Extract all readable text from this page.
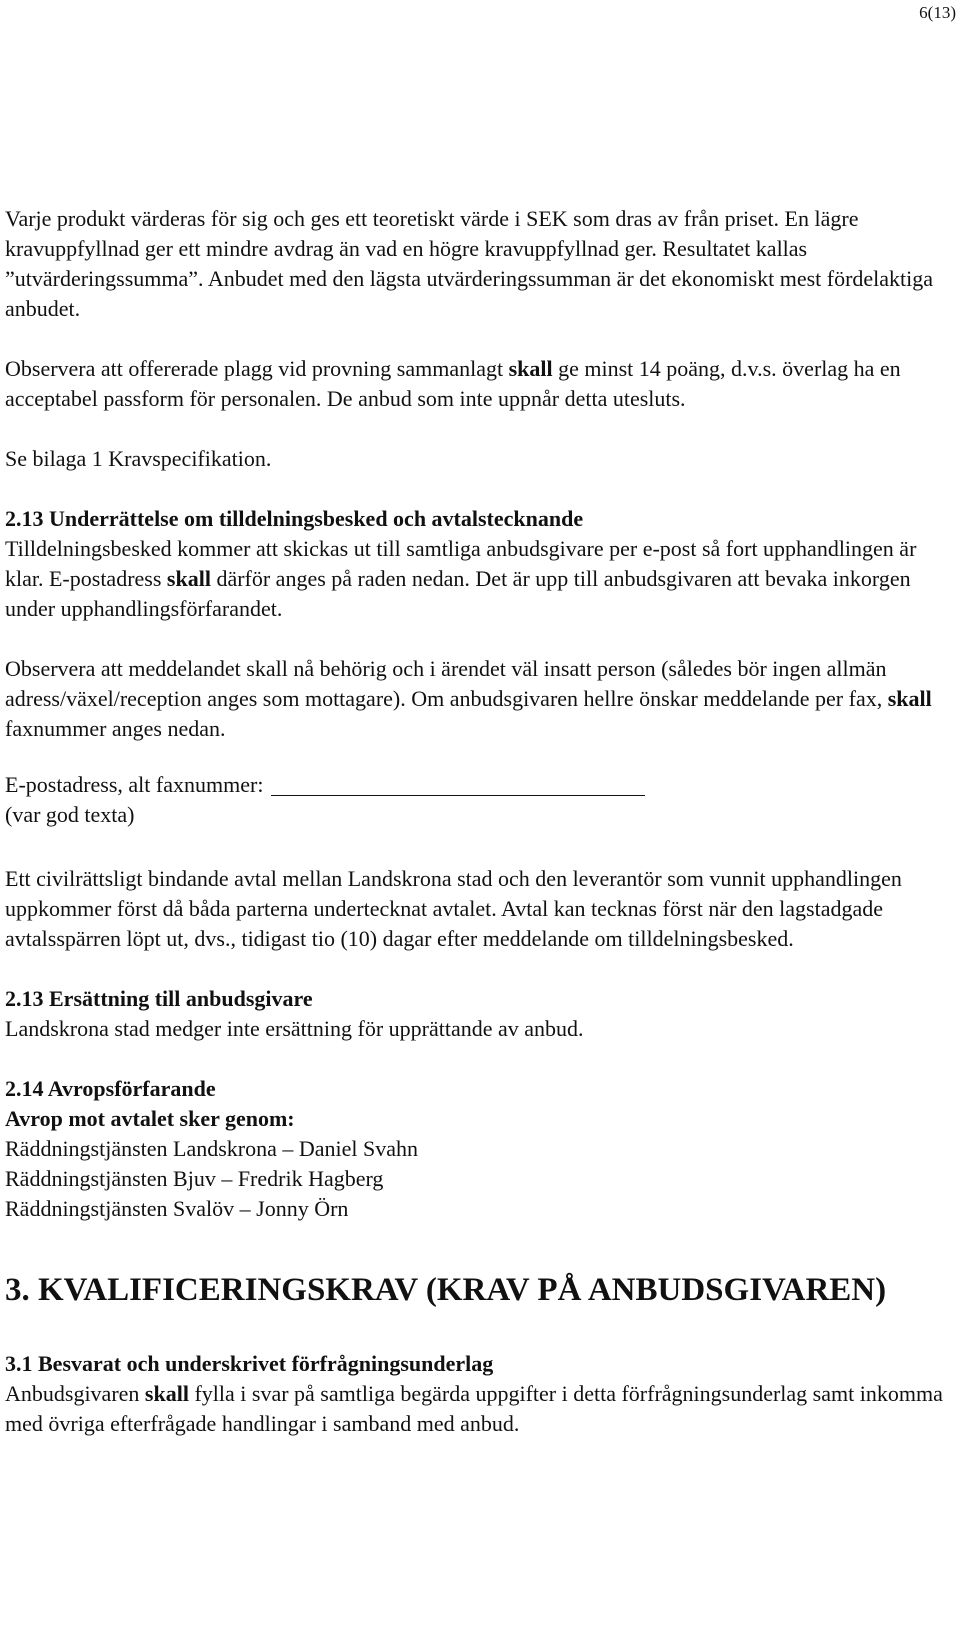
6(13)

Varje produkt värderas för sig och ges ett teoretiskt värde i SEK som dras av från priset. En lägre kravuppfyllnad ger ett mindre avdrag än vad en högre kravuppfyllnad ger. Resultatet kallas ”utvärderingssumma”. Anbudet med den lägsta utvärderingssumman är det ekonomiskt mest fördelaktiga anbudet.

Observera att offererade plagg vid provning sammanlagt skall ge minst 14 poäng, d.v.s. överlag ha en acceptabel passform för personalen. De anbud som inte uppnår detta utesluts.

Se bilaga 1 Kravspecifikation.

2.13 Underrättelse om tilldelningsbesked och avtalstecknande

Tilldelningsbesked kommer att skickas ut till samtliga anbudsgivare per e-post så fort upphandlingen är klar. E-postadress skall därför anges på raden nedan. Det är upp till anbudsgivaren att bevaka inkorgen under upphandlingsförfarandet.

Observera att meddelandet skall nå behörig och i ärendet väl insatt person (således bör ingen allmän adress/växel/reception anges som mottagare). Om anbudsgivaren hellre önskar meddelande per fax, skall faxnummer anges nedan.

E-postadress, alt faxnummer:

(var god texta)

Ett civilrättsligt bindande avtal mellan Landskrona stad och den leverantör som vunnit upphandlingen uppkommer först då båda parterna undertecknat avtalet. Avtal kan tecknas först när den lagstadgade avtalsspärren löpt ut, dvs., tidigast tio (10) dagar efter meddelande om tilldelningsbesked.

2.13 Ersättning till anbudsgivare

Landskrona stad medger inte ersättning för upprättande av anbud.

2.14 Avropsförfarande

Avrop mot avtalet sker genom:

Räddningstjänsten Landskrona – Daniel Svahn

Räddningstjänsten Bjuv – Fredrik Hagberg

Räddningstjänsten Svalöv – Jonny Örn

3. KVALIFICERINGSKRAV (KRAV PÅ ANBUDSGIVAREN)

3.1 Besvarat och underskrivet förfrågningsunderlag

Anbudsgivaren skall fylla i svar på samtliga begärda uppgifter i detta förfrågningsunderlag samt inkomma med övriga efterfrågade handlingar i samband med anbud.
